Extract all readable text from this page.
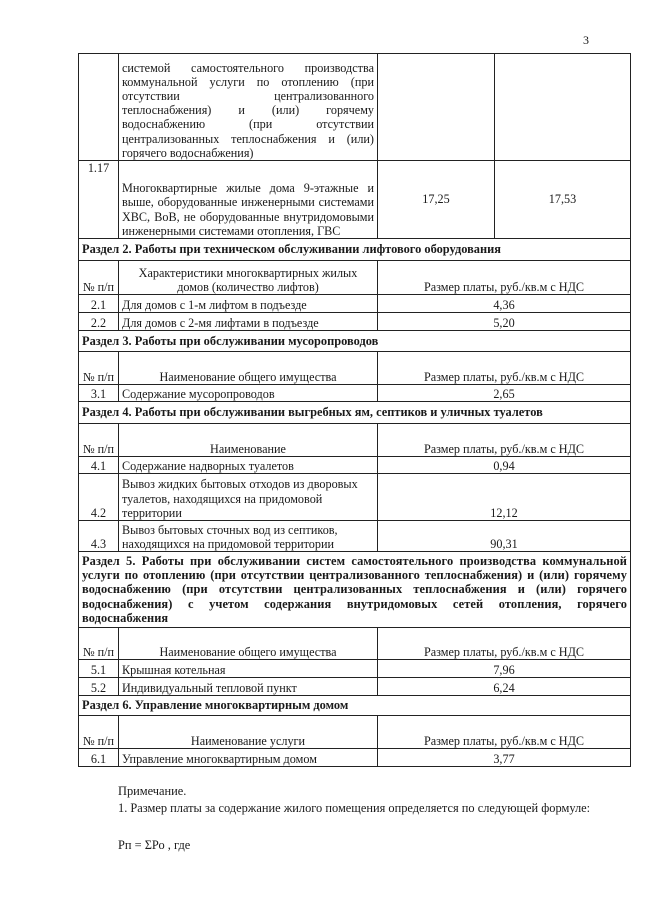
3
	системой самостоятельного производства коммунальной услуги по отоплению (при отсутствии централизованного теплоснабжения) и (или) горячему водоснабжению (при отсутствии централизованных теплоснабжения и (или) горячего водоснабжения)		
1.17	Многоквартирные жилые дома 9-этажные и выше, оборудованные инженерными системами ХВС, ВоВ, не оборудованные внутридомовыми инженерными системами отопления, ГВС	17,25	17,53
Раздел 2. Работы при техническом обслуживании лифтового оборудования			
№ п/п	Характеристики многоквартирных жилых домов (количество лифтов)	Размер платы, руб./кв.м с НДС	
2.1	Для домов с 1-м лифтом в подъезде	4,36	
2.2	Для домов с 2-мя лифтами в подъезде	5,20	
Раздел 3. Работы при обслуживании мусоропроводов			
№ п/п	Наименование общего имущества	Размер платы, руб./кв.м с НДС	
3.1	Содержание мусоропроводов	2,65	
Раздел 4. Работы при обслуживании выгребных ям, септиков и уличных туалетов			
№ п/п	Наименование	Размер платы, руб./кв.м с НДС	
4.1	Содержание надворных туалетов	0,94	
4.2	Вывоз жидких бытовых отходов из дворовых туалетов, находящихся на придомовой территории	12,12	
4.3	Вывоз бытовых сточных вод из септиков, находящихся на придомовой территории	90,31	
Раздел 5. Работы при обслуживании систем самостоятельного производства коммунальной услуги по отоплению (при отсутствии централизованного теплоснабжения) и (или) горячему водоснабжению (при отсутствии централизованных теплоснабжения и (или) горячего водоснабжения) с учетом содержания внутридомовых сетей отопления, горячего водоснабжения			
№ п/п	Наименование общего имущества	Размер платы, руб./кв.м с НДС	
5.1	Крышная котельная	7,96	
5.2	Индивидуальный тепловой пункт	6,24	
Раздел 6. Управление многоквартирным домом			
№ п/п	Наименование услуги	Размер платы, руб./кв.м с НДС	
6.1	Управление многоквартирным домом	3,77	
Примечание.
1. Размер платы за содержание жилого помещения определяется по следующей формуле:
Рп = ΣРо , где
